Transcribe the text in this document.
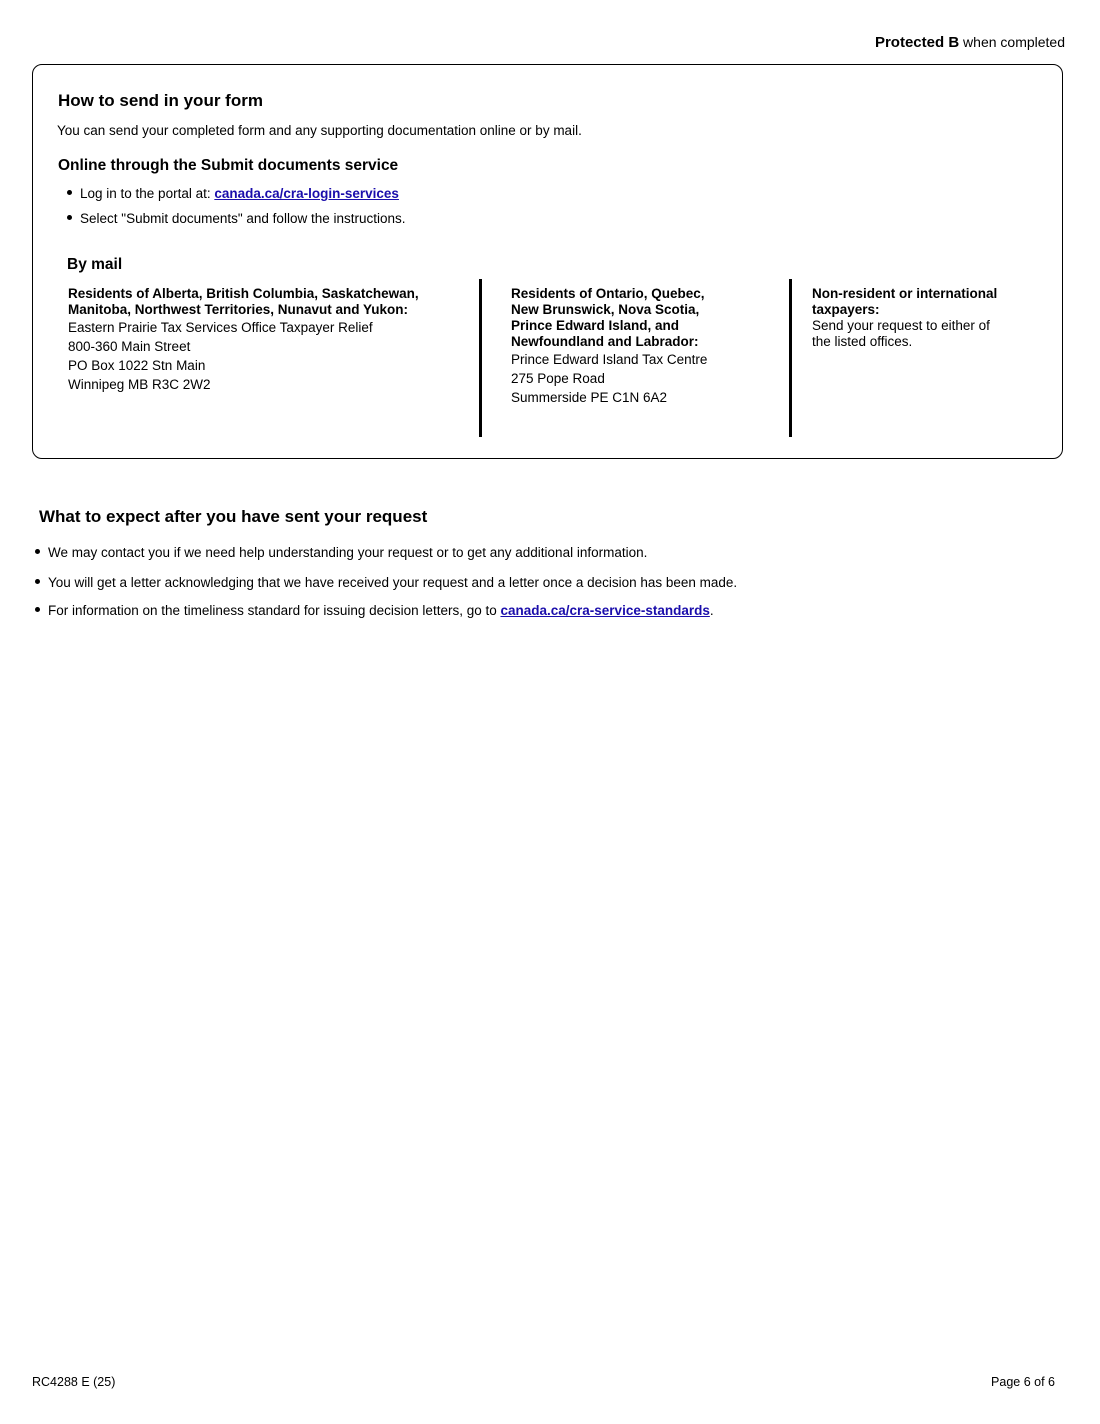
Protected B when completed
How to send in your form
You can send your completed form and any supporting documentation online or by mail.
Online through the Submit documents service
Log in to the portal at: canada.ca/cra-login-services
Select "Submit documents" and follow the instructions.
By mail
Residents of Alberta, British Columbia, Saskatchewan,
Manitoba, Northwest Territories, Nunavut and Yukon:
Eastern Prairie Tax Services Office Taxpayer Relief
800-360 Main Street
PO Box 1022 Stn Main
Winnipeg MB R3C 2W2
Residents of Ontario, Quebec,
New Brunswick, Nova Scotia,
Prince Edward Island, and
Newfoundland and Labrador:
Prince Edward Island Tax Centre
275 Pope Road
Summerside PE C1N 6A2
Non-resident or international
taxpayers:
Send your request to either of
the listed offices.
What to expect after you have sent your request
We may contact you if we need help understanding your request or to get any additional information.
You will get a letter acknowledging that we have received your request and a letter once a decision has been made.
For information on the timeliness standard for issuing decision letters, go to canada.ca/cra-service-standards.
RC4288 E (25)	Page 6 of 6
